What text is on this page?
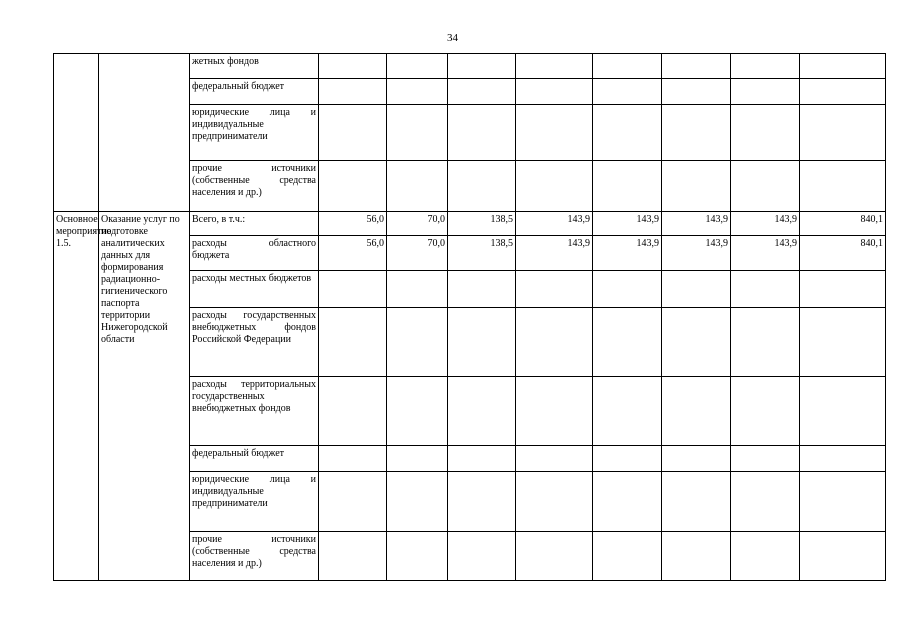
34
		жетных фондов								
		федеральный бюджет								
		юридические лица и индивидуальные предприниматели								
		прочие источники (собственные средства населения и др.)								
Основное мероприятие 1.5.	Оказание услуг по подготовке аналитических данных для формирования радиационно-гигиенического паспорта территории Нижегородской области	Всего, в т.ч.:	56,0	70,0	138,5	143,9	143,9	143,9	143,9	840,1
		расходы областного бюджета	56,0	70,0	138,5	143,9	143,9	143,9	143,9	840,1
		расходы местных бюджетов								
		расходы государственных внебюджетных фондов Российской Федерации								
		расходы территориальных государственных внебюджетных фондов								
		федеральный бюджет								
		юридические лица и индивидуальные предприниматели								
		прочие источники (собственные средства населения и др.)								
